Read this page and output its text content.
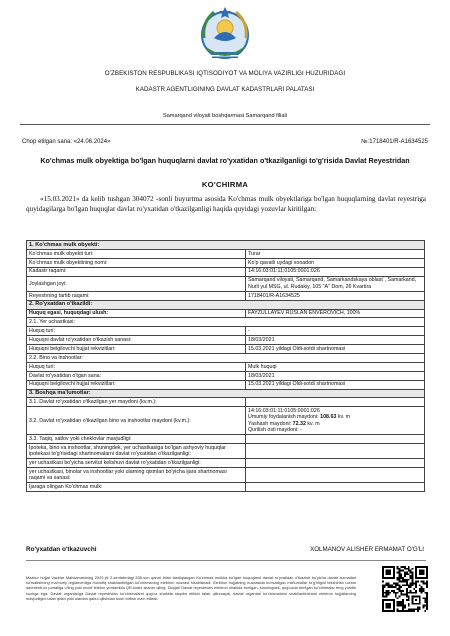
O'ZBEKISTON RESPUBLIKASI IQTISODIYOT VA MOLIYA VAZIRLIGI HUZURIDAGI
KADASTR AGENTLIGINING DAVLAT KADASTRLARI PALATASI
Samarqand viloyati boshqarmasi Samarqand filiali
Chop etilgan sana: «24.06.2024»	№:1718401/R-A1634525
Ko'chmas mulk obyektiga bo'lgan huquqlarni davlat ro'yxatidan o'tkazilganligi to'g'risida Davlat Reyestridan
KO'CHIRMA
«15.03.2021» da kelib tushgan 304072 -sonli buyurtma asosida Ko'chmas mulk obyektlariga bo'lgan huquqlarning davlat reyestriga quyidagilarga bo'lgan huquqlar davlat ro'yxatidan o'tkazilganligi haqida quyidagi yozuvlar kiritilgan:
1. Ko'chmas mulk obyekti:	
Ko'chmas mulk obyekti turi:	Turar
Ko'chmas mulk obyektining nomi:	Ko'p qavatli uydagi xonadon
Kadastr raqami:	14:16:03:01:11:0105:0001:026
Joylashgan joyi:	Samarqand viloyati, Samarqand, Samarkandskaya oblast`, Samarkand, Nurli yul MSG, ul. Rudakiy, 105 "A" Dom, 26 Kvartira
Reyestrning tartib raqami:	1718401/R-A1634525
2. Ro'yxatdan o'tkazildi:	
Huquq egasi, huquqdagi ulush:	FAYZULLAYEV RUSLAN ENVEROVICH, 100%
2.1. Yer uchastkasi:	
Huquq turi:	-
Huquqni davlat ro'yxatidan o'tkazish sanasi:	18/03/2021
Huquqni belgilovchi hujjat rekvizitlari:	15.03.2021 yildagi Oldi-sotdi shartnomasi
2.2. Bino va inshootlar:	
Huquq turi:	Mulk huquqi
Davlat ro'yxatidan o'tgan sana:	18/03/2021
Huquqni belgilovchi hujjat rekvizitlari:	15.03.2021 yildagi Oldi-sotdi shartnomasi
3. Boshqa ma'lumotlar:	
3.1. Davlat ro'yxatidan o'tkazilgan yer maydoni (kv.m.):	
3.2. Davlat ro'yxatidan o'tkazilgan bino va inshootlar maydoni (kv.m.):	14:16:03:01:11:0105:0001:026
Umumiy foydalanish maydoni: 108.63 kv. m
Yashash maydoni: 72.32 kv. m
Qurilish osti maydoni: -

3.3. Taqiq, xatlov yoki cheklovlar mavjudligi:	
Ipoteka, bino va inshootlar, shuningdek, yer uchastkasiga bo'lgan ashyoviy huquqlar ipotekasi to'g'risidagi shartnomalarni davlat ro'yxatidan o'tkazilganligi:	
yer uchastkasi bo'yicha servitut kelishuvi davlat ro'yxatidan o'tkazilganligi:	
yer uchastkasi, binolar va inshootlar yoki ularning qismlari bo'yicha ijara shartnomasi raqami va sanasi:	
Ijaraga olingan Ko'chmas mulk:	
Ro'yxatdan o'tkazuvchi	XOLMANOV ALISHER ERMAMAT O'G'LI
Mazkur hujjat Vazirlar Mahkamasining 2020-yil 2-sentabrdagi 535-son qarori bilan tasdiqlangan Ko'chmas mulkka bo'lgan huquqlarni davlat ro'yxatidan o'tkazish bo'yicha davlat xizmatlari ko'rsatishning ma'muriy reglamentiga muvofiq shakllantirilgan ko'chirmaning elektron nusxasi hisoblanadi. Elektron hujjatning nusxasida ko'rsatilgan ma'lumotlar to'g'riligini tekshirish uchun davreestr.uz portaliga o'ting yoki mobil telefon yordamida QR-kodni skaner qiling. Diqqat! Davlat reyestridan elektron shaklda berilgan, shuningdek, qog'ozda berilgan ko'chirmalar teng yuridik kuchga ega. Davlat organlariga Davlat reyestridan ko'chirmalarni qog'oz shaklda taqdim etilishi talab qilinmaydi, davlat organlari ko'chirmalarni shakllantirishlari elektron hujjatlarning mavjudligini talab qilish yoki ulardan qabul qilishdan bosh tortish ma'n etiladi.
